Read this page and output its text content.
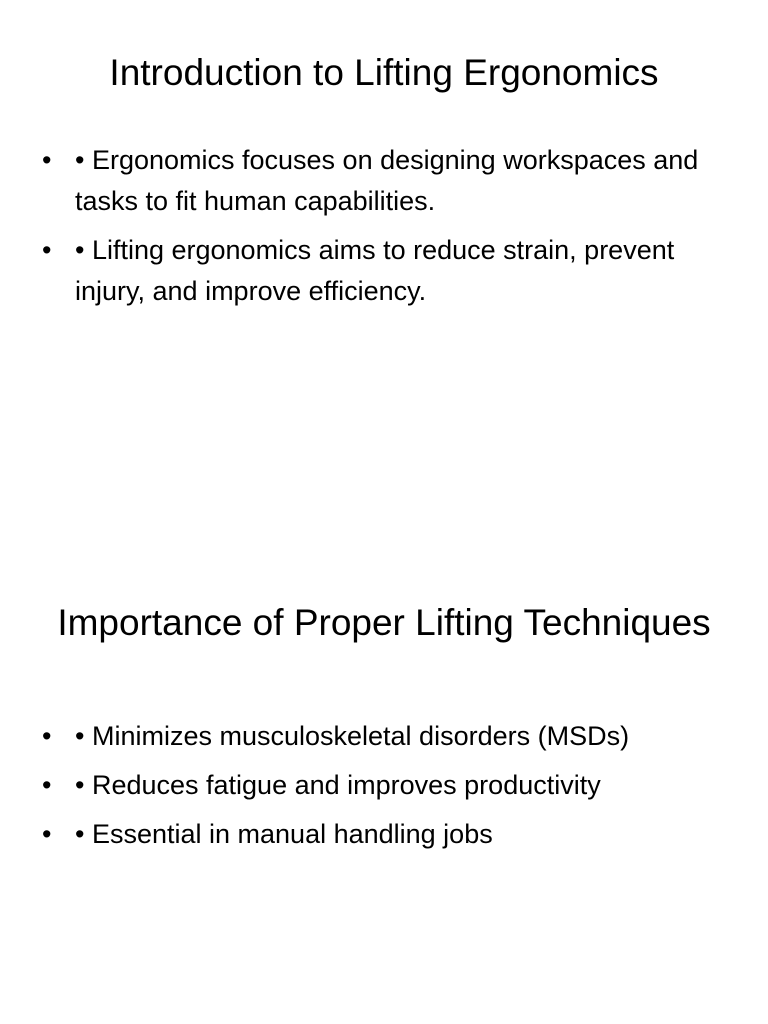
Introduction to Lifting Ergonomics
• • Ergonomics focuses on designing workspaces and tasks to fit human capabilities.
• • Lifting ergonomics aims to reduce strain, prevent injury, and improve efficiency.
Importance of Proper Lifting Techniques
• • Minimizes musculoskeletal disorders (MSDs)
• • Reduces fatigue and improves productivity
• • Essential in manual handling jobs
